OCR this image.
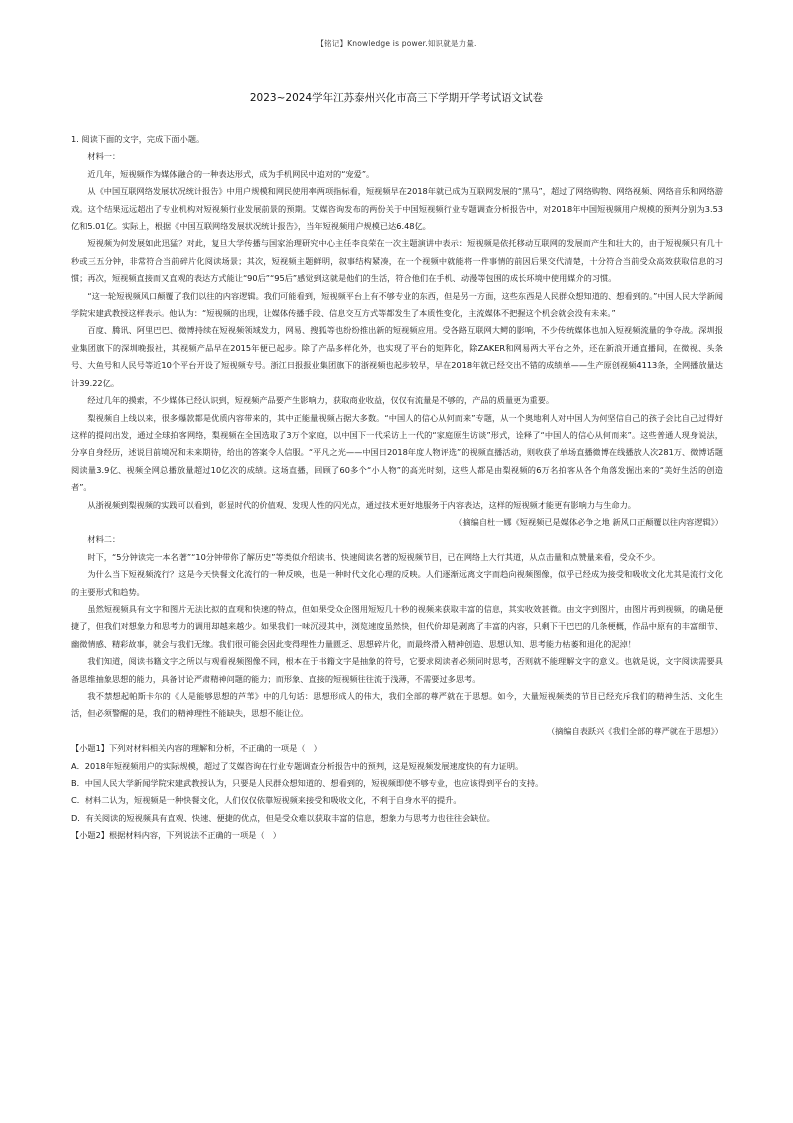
【铭记】Knowledge is power.知识就是力量.
2023~2024学年江苏泰州兴化市高三下学期开学考试语文试卷

1. 阅读下面的文字，完成下面小题。

材料一：

近几年，短视频作为媒体融合的一种表达形式，成为手机网民中追对的“宠爱”。

从《中国互联网络发展状况统计报告》中用户规模和网民使用率两项指标看，短视频早在2018年就已成为互联网发展的“黑马”，超过了网络购物、网络视频、网络音乐和网络游戏。这个结果远远超出了专业机构对短视频行业发展前景的预期。艾媒咨询发布的两份关于中国短视频行业专题调查分析报告中，对2018年中国短视频用户规模的预判分别为3.53亿和5.01亿。实际上，根据《中国互联网络发展状况统计报告》，当年短视频用户规模已达6.48亿。

短视频为何发展如此迅猛？对此，复旦大学传播与国家治理研究中心主任李良荣在一次主题演讲中表示：短视频是依托移动互联网的发展而产生和壮大的，由于短视频只有几十秒或三五分钟，非常符合当前碎片化阅读场景；其次，短视频主题鲜明，叙事结构紧凑，在一个视频中就能将一件事情的前因后果交代清楚，十分符合当前受众高效获取信息的习惯；再次，短视频直接而又直观的表达方式能让“90后”“95后”感觉到这就是他们的生活，符合他们在手机、动漫等包围的成长环境中使用媒介的习惯。

“这一轮短视频风口颠覆了我们以往的内容逻辑。我们可能看到，短视频平台上有不够专业的东西，但是另一方面，这些东西是人民群众想知道的、想看到的。”中国人民大学新闻学院宋建武教授这样表示。他认为：“短视频的出现，让媒体传播手段、信息交互方式等都发生了本质性变化，主流媒体不把握这个机会就会没有未来。”

百度、腾讯、阿里巴巴、微博持续在短视频领域发力，网易、搜狐等也纷纷推出新的短视频应用。受各路互联网大鳄的影响，不少传统媒体也加入短视频流量的争夺战。深圳报业集团旗下的深圳晚报社，其视频产品早在2015年便已起步。除了产品多样化外，也实现了平台的矩阵化，除ZAKER和网易两大平台之外，还在新浪开通直播间，在微视、头条号、大鱼号和人民号等近10个平台开设了短视频专号。浙江日报报业集团旗下的浙视频也起步较早，早在2018年就已经交出不错的成绩单——生产原创视频4113条，全网播放量达计39.22亿。

经过几年的摸索，不少媒体已经认识到，短视频产品要产生影响力，获取商业收益，仅仅有流量是不够的，产品的质量更为重要。

梨视频自上线以来，很多爆款都是优质内容带来的，其中正能量视频占据大多数。“中国人的信心从何而来”专题，从一个奥地利人对中国人为何坚信自己的孩子会比自己过得好这样的提问出发，通过全球拍客网络，梨视频在全国选取了3万个家庭，以中国下一代采访上一代的“家庭原生访谈”形式，诠释了“中国人的信心从何而来”。这些普通人现身说法，分享自身经历，述说目前境况和未来期待，给出的答案令人信服。“平凡之光——中国日2018年度人物评选”的视频直播活动，则收获了单场直播微博在线播放人次281万、微博话题阅读量3.9亿、视频全网总播放量超过10亿次的成绩。这场直播，回顾了60多个“小人物”的高光时刻，这些人都是由梨视频的6万名拍客从各个角落发掘出来的“美好生活的创造者”。

从浙视频到梨视频的实践可以看到，彰显时代的价值观、发现人性的闪光点，通过技术更好地服务于内容表达，这样的短视频才能更有影响力与生命力。

（摘编自杜一娜《短视频已是媒体必争之地 新风口正颠覆以往内容逻辑》）

材料二：

时下，“5分钟读完一本名著”“10分钟带你了解历史”等类似介绍读书、快速阅读名著的短视频节目，已在网络上大行其道，从点击量和点赞量来看，受众不少。

为什么当下短视频流行？这是今天快餐文化流行的一种反映，也是一种时代文化心理的反映。人们逐渐远离文字而趋向视频图像，似乎已经成为接受和吸收文化尤其是流行文化的主要形式和趋势。

虽然短视频具有文字和图片无法比拟的直观和快速的特点，但如果受众企图用短短几十秒的视频来获取丰富的信息，其实收效甚微。由文字到图片，由图片再到视频，的确是便捷了，但我们对想象力和思考力的调用却越来越少。如果我们一味沉浸其中，浏览速度虽然快，但代价却是剥离了丰富的内容，只剩下干巴巴的几条梗概，作品中原有的丰富细节、幽微情感、精彩故事，就会与我们无缘。我们很可能会因此变得理性力量匮乏、思想碎片化，而最终滑入精神创造、思想认知、思考能力枯萎和退化的泥淖！

我们知道，阅读书籍文字之所以与观看视频图像不同，根本在于书籍文字是抽象的符号，它要求阅读者必须同时思考，否则就不能理解文字的意义。也就是说，文字阅读需要具备思维抽象思想的能力，具备讨论严肃精神问题的能力；而形象、直接的短视频往往流于浅薄，不需要过多思考。

我不禁想起帕斯卡尔的《人是能够思想的芦苇》中的几句话：思想形成人的伟大，我们全部的尊严就在于思想。如今，大量短视频类的节目已经充斥我们的精神生活、文化生活，但必须警醒的是，我们的精神理性不能缺失，思想不能让位。

（摘编自表跃兴《我们全部的尊严就在于思想》）

【小题1】下列对材料相关内容的理解和分析，不正确的一项是（　）

A．2018年短视频用户的实际规模，超过了艾媒咨询在行业专题调查分析报告中的预判，这是短视频发展速度快的有力证明。

B．中国人民大学新闻学院宋建武教授认为，只要是人民群众想知道的、想看到的，短视频即使不够专业，也应该得到平台的支持。

C．材料二认为，短视频是一种快餐文化，人们仅仅依靠短视频来接受和吸收文化，不利于自身水平的提升。

D．有关阅读的短视频具有直观、快速、便捷的优点，但是受众难以获取丰富的信息，想象力与思考力也往往会缺位。

【小题2】根据材料内容，下列说法不正确的一项是（　）
